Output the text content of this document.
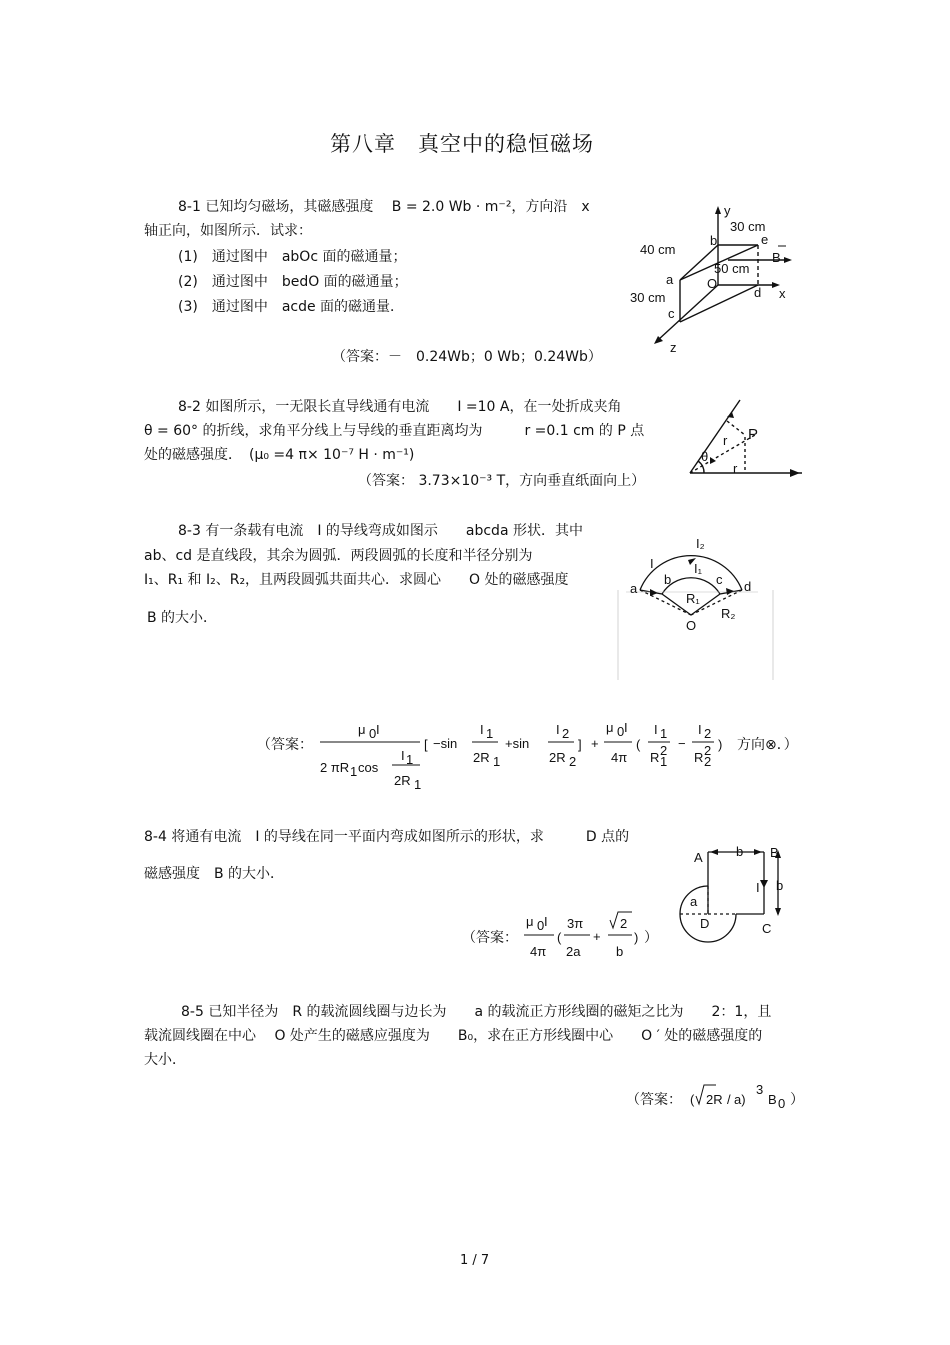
第八章　真空中的稳恒磁场
8-1 已知均匀磁场，其磁感强度　 B = 2.0 Wb · m⁻²，方向沿　x
轴正向，如图所示．试求：
(1)　通过图中　abOc 面的磁通量；
(2)　通过图中　bedO 面的磁通量；
(3)　通过图中　acde 面的磁通量．
（答案：－　0.24Wb；0 Wb；0.24Wb）
y
x
z
30 cm
40 cm
b	e
50 cm
B
a	O
d
30 cm
c
8-2 如图所示，一无限长直导线通有电流　　I =10 A，在一处折成夹角
θ = 60° 的折线，求角平分线上与导线的垂直距离均为　　　r =0.1 cm 的 P 点
处的磁感强度．　(μ₀ =4 π× 10⁻⁷ H · m⁻¹)
（答案： 3.73×10⁻³ T，方向垂直纸面向上）
P
r
r
θ
8-3 有一条载有电流　I 的导线弯成如图示　　abcda 形状．其中
ab、cd 是直线段，其余为圆弧．两段圆弧的长度和半径分别为
I₁、R₁ 和 I₂、R₂，且两段圆弧共面共心．求圆心　　O 处的磁感强度
B 的大小．
I₂
I	I₁
a
b	c d
R₁
R₂
O
（答案：
μ 0 I
2 πR 1 cos
I 1
2R 1
[ −sin
I 1
2R 1
+sin
I 2
2R 2
] +
μ 0 I
4π
(
I 1
R 1
2 −
I 2
R 2
2 ) 方向⊗．）
8-4 将通有电流　I 的导线在同一平面内弯成如图所示的形状，求　　　D 点的
磁感强度　B 的大小．
A	b B
I b
a
D	C
（答案：
μ 0 I
4π
(
3π
2a
+
2
b
) ）
8-5 已知半径为　R 的载流圆线圈与边长为　　a 的载流正方形线圈的磁矩之比为　　2：1，且
载流圆线圈在中心　 O 处产生的磁感应强度为　　B₀，求在正方形线圈中心　　O ′ 处的磁感强度的
大小．
（答案： ( 2R / a)
3
B 0 ）
1 / 7
